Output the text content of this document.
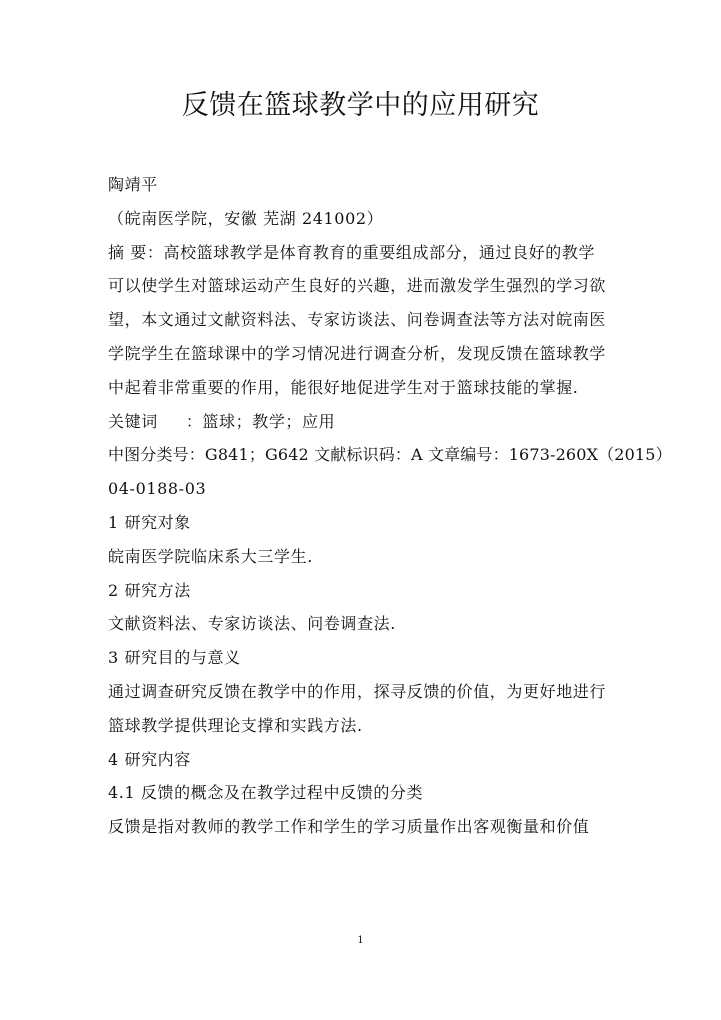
反馈在篮球教学中的应用研究
陶靖平
（皖南医学院，安徽 芜湖 241002）
摘 要：高校篮球教学是体育教育的重要组成部分，通过良好的教学
可以使学生对篮球运动产生良好的兴趣，进而激发学生强烈的学习欲
望，本文通过文献资料法、专家访谈法、问卷调查法等方法对皖南医
学院学生在篮球课中的学习情况进行调查分析，发现反馈在篮球教学
中起着非常重要的作用，能很好地促进学生对于篮球技能的掌握.
关键词 ：篮球；教学；应用
中图分类号：G841；G642 文献标识码：A 文章编号：1673-260X（2015）
04-0188-03
1 研究对象
皖南医学院临床系大三学生.
2 研究方法
文献资料法、专家访谈法、问卷调查法.
3 研究目的与意义
通过调查研究反馈在教学中的作用，探寻反馈的价值，为更好地进行
篮球教学提供理论支撑和实践方法.
4 研究内容
4.1 反馈的概念及在教学过程中反馈的分类
反馈是指对教师的教学工作和学生的学习质量作出客观衡量和价值
1
